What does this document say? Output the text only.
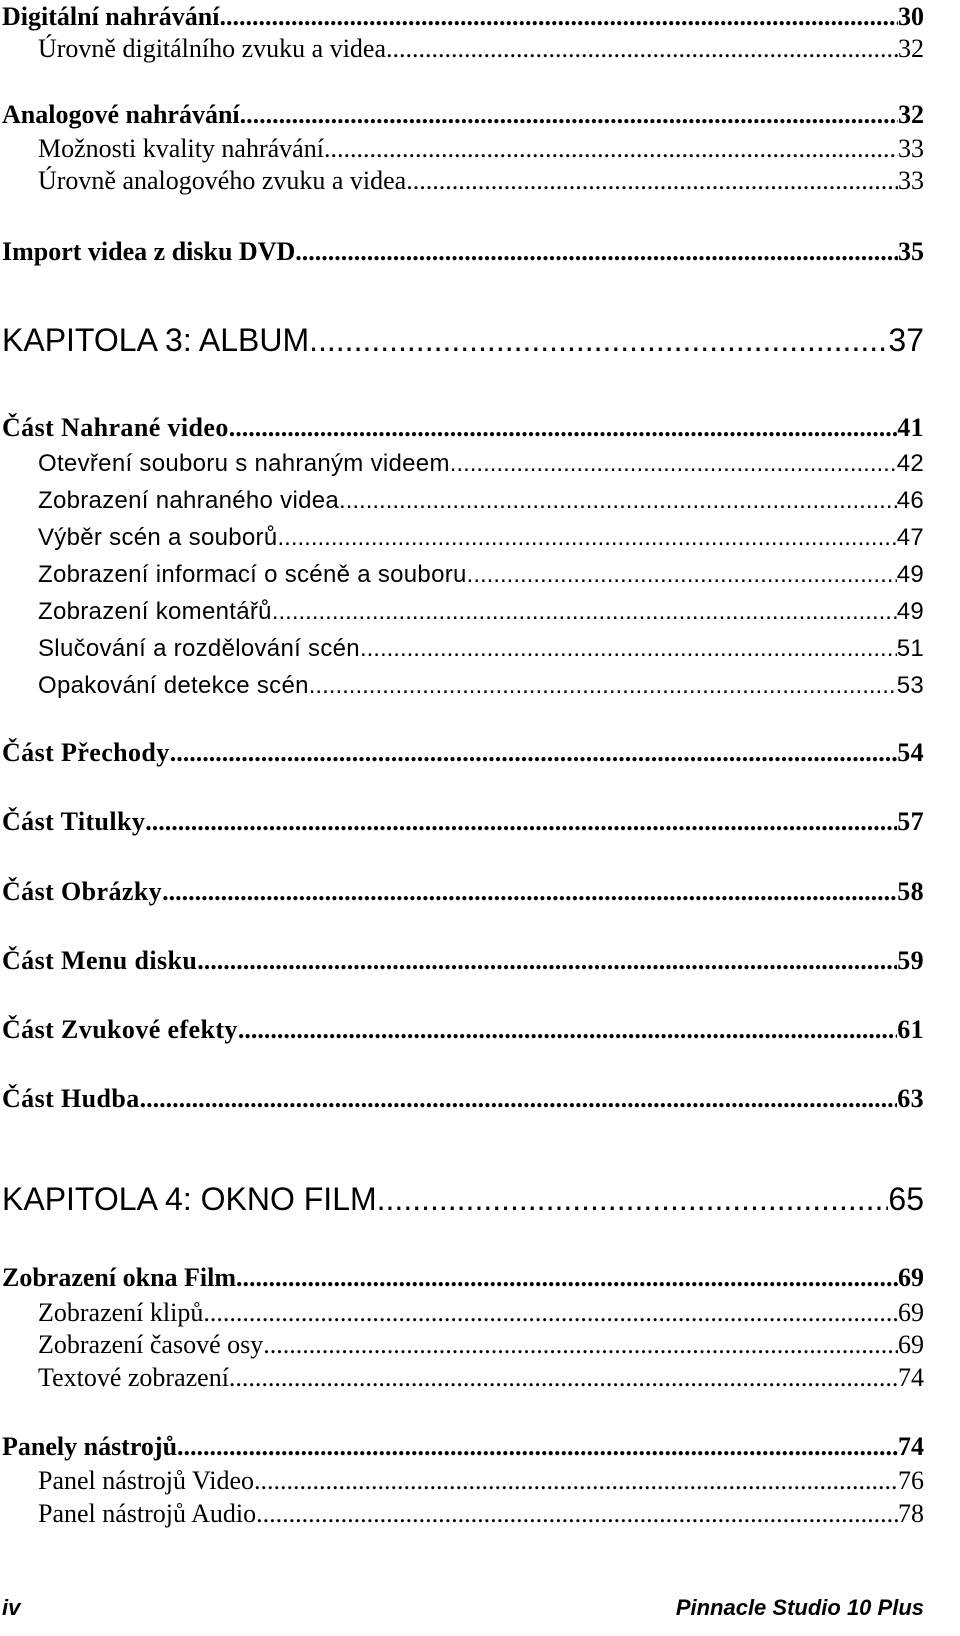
Digitální nahrávání .....	30
Úrovně digitálního zvuku a videa .....	32
Analogové nahrávání .....	32
Možnosti kvality nahrávání .....	33
Úrovně analogového zvuku a videa .....	33
Import videa z disku DVD .....	35
KAPITOLA 3: ALBUM .....	37
Část Nahrané video .....	41
Otevření souboru s nahraným videem .....	42
Zobrazení nahraného videa .....	46
Výběr scén a souborů .....	47
Zobrazení informací o scéně a souboru .....	49
Zobrazení komentářů .....	49
Slučování a rozdělování scén .....	51
Opakování detekce scén .....	53
Část Přechody .....	54
Část Titulky .....	57
Část Obrázky .....	58
Část Menu disku .....	59
Část Zvukové efekty .....	61
Část Hudba .....	63
KAPITOLA 4: OKNO FILM .....	65
Zobrazení okna Film .....	69
Zobrazení klipů .....	69
Zobrazení časové osy .....	69
Textové zobrazení .....	74
Panely nástrojů .....	74
Panel nástrojů Video .....	76
Panel nástrojů Audio .....	78
iv	Pinnacle Studio 10 Plus
